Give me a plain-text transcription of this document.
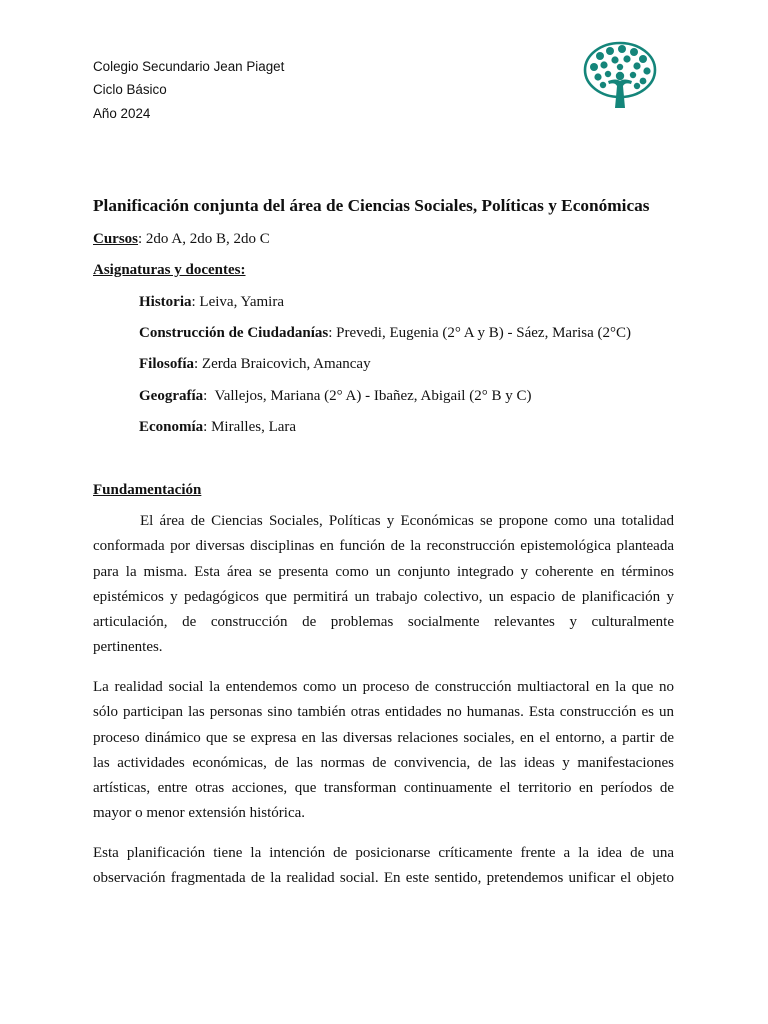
Colegio Secundario Jean Piaget
Ciclo Básico
Año 2024
Planificación conjunta del área de Ciencias Sociales, Políticas y Económicas
Cursos: 2do A, 2do B, 2do C
Asignaturas y docentes:
Historia: Leiva, Yamira
Construcción de Ciudadanías: Prevedi, Eugenia (2° A y B) - Sáez, Marisa (2°C)
Filosofía: Zerda Braicovich, Amancay
Geografía:  Vallejos, Mariana (2° A) - Ibañez, Abigail (2° B y C)
Economía: Miralles, Lara
Fundamentación
El área de Ciencias Sociales, Políticas y Económicas se propone como una totalidad
conformada por diversas disciplinas en función de la reconstrucción epistemológica planteada
para la misma. Esta área se presenta como un conjunto integrado y coherente en términos
epistémicos y pedagógicos que permitirá un trabajo colectivo, un espacio de planificación y
articulación, de construcción de problemas socialmente relevantes y culturalmente
pertinentes.
La realidad social la entendemos como un proceso de construcción multiactoral en la que no
sólo participan las personas sino también otras entidades no humanas. Esta construcción es un
proceso dinámico que se expresa en las diversas relaciones sociales, en el entorno, a partir de
las actividades económicas, de las normas de convivencia, de las ideas y manifestaciones
artísticas, entre otras acciones, que transforman continuamente el territorio en períodos de
mayor o menor extensión histórica.
Esta planificación tiene la intención de posicionarse críticamente frente a la idea de una
observación fragmentada de la realidad social. En este sentido, pretendemos unificar el objeto
